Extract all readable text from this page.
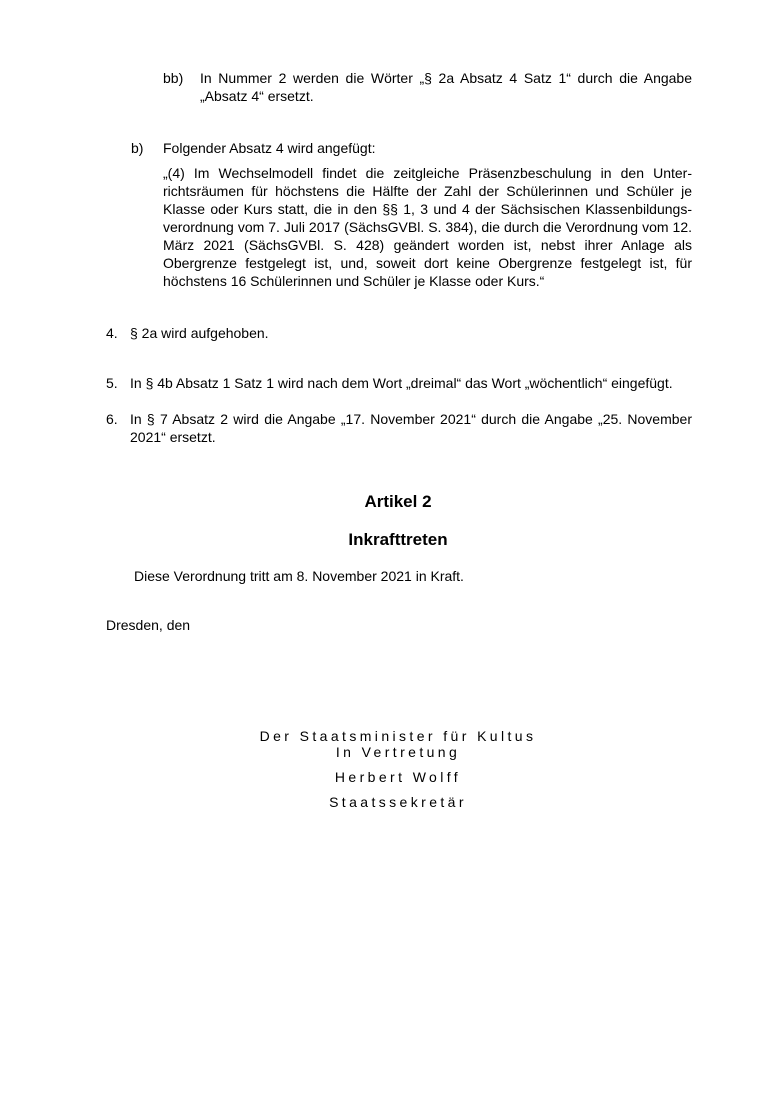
bb) In Nummer 2 werden die Wörter „§ 2a Absatz 4 Satz 1“ durch die Angabe „Absatz 4“ ersetzt.

b) Folgender Absatz 4 wird angefügt:

„(4) Im Wechselmodell findet die zeitgleiche Präsenzbeschulung in den Unter-richtsräumen für höchstens die Hälfte der Zahl der Schülerinnen und Schüler je Klasse oder Kurs statt, die in den §§ 1, 3 und 4 der Sächsischen Klassenbildungs-verordnung vom 7. Juli 2017 (SächsGVBl. S. 384), die durch die Verordnung vom 12. März 2021 (SächsGVBl. S. 428) geändert worden ist, nebst ihrer Anlage als Obergrenze festgelegt ist, und, soweit dort keine Obergrenze festgelegt ist, für höchstens 16 Schülerinnen und Schüler je Klasse oder Kurs.“

4. § 2a wird aufgehoben.

5. In § 4b Absatz 1 Satz 1 wird nach dem Wort „dreimal“ das Wort „wöchentlich“ eingefügt.

6. In § 7 Absatz 2 wird die Angabe „17. November 2021“ durch die Angabe „25. November 2021“ ersetzt.

Artikel 2
Inkrafttreten

Diese Verordnung tritt am 8. November 2021 in Kraft.

Dresden, den

Der Staatsminister für Kultus
In Vertretung
Herbert Wolff
Staatssekretär
